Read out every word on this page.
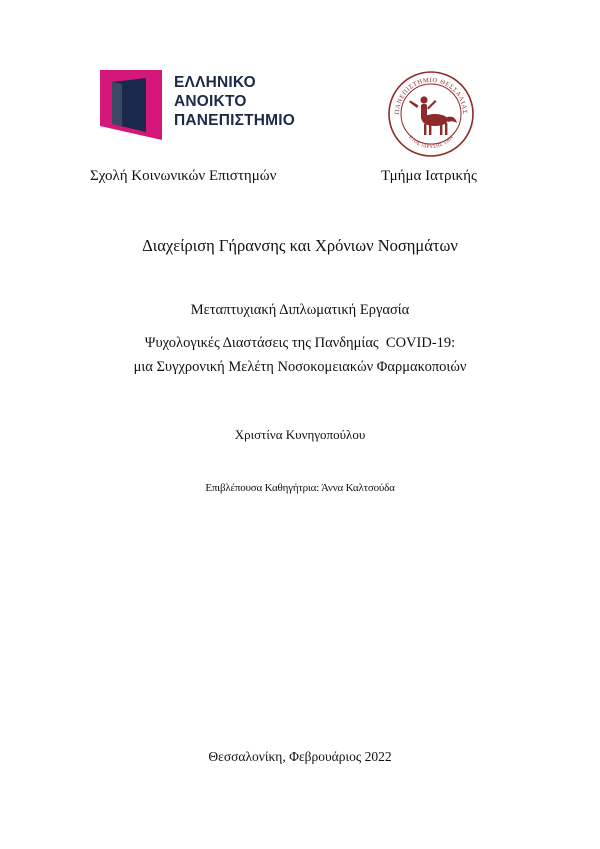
ΕΛΛΗΝΙΚΟ
ΑΝΟΙΚΤΟ
ΠΑΝΕΠΙΣΤΗΜΙΟ
ΠΑΝΕΠΙΣΤΗΜΙΟ ΘΕΣΣΑΛΙΑΣ
ΕΤΟΣ ΙΔΡΥΣΗΣ 1984
Σχολή Κοινωνικών Επιστημών	Τμήμα Ιατρικής
Διαχείριση Γήρανσης και Χρόνιων Νοσημάτων
Μεταπτυχιακή Διπλωματική Εργασία
Ψυχολογικές Διαστάσεις της Πανδημίας  COVID-19:
μια Συγχρονική Μελέτη Νοσοκομειακών Φαρμακοποιών
Χριστίνα Κυνηγοπούλου
Επιβλέπουσα Καθηγήτρια: Άννα Καλτσούδα
Θεσσαλονίκη, Φεβρουάριος 2022
